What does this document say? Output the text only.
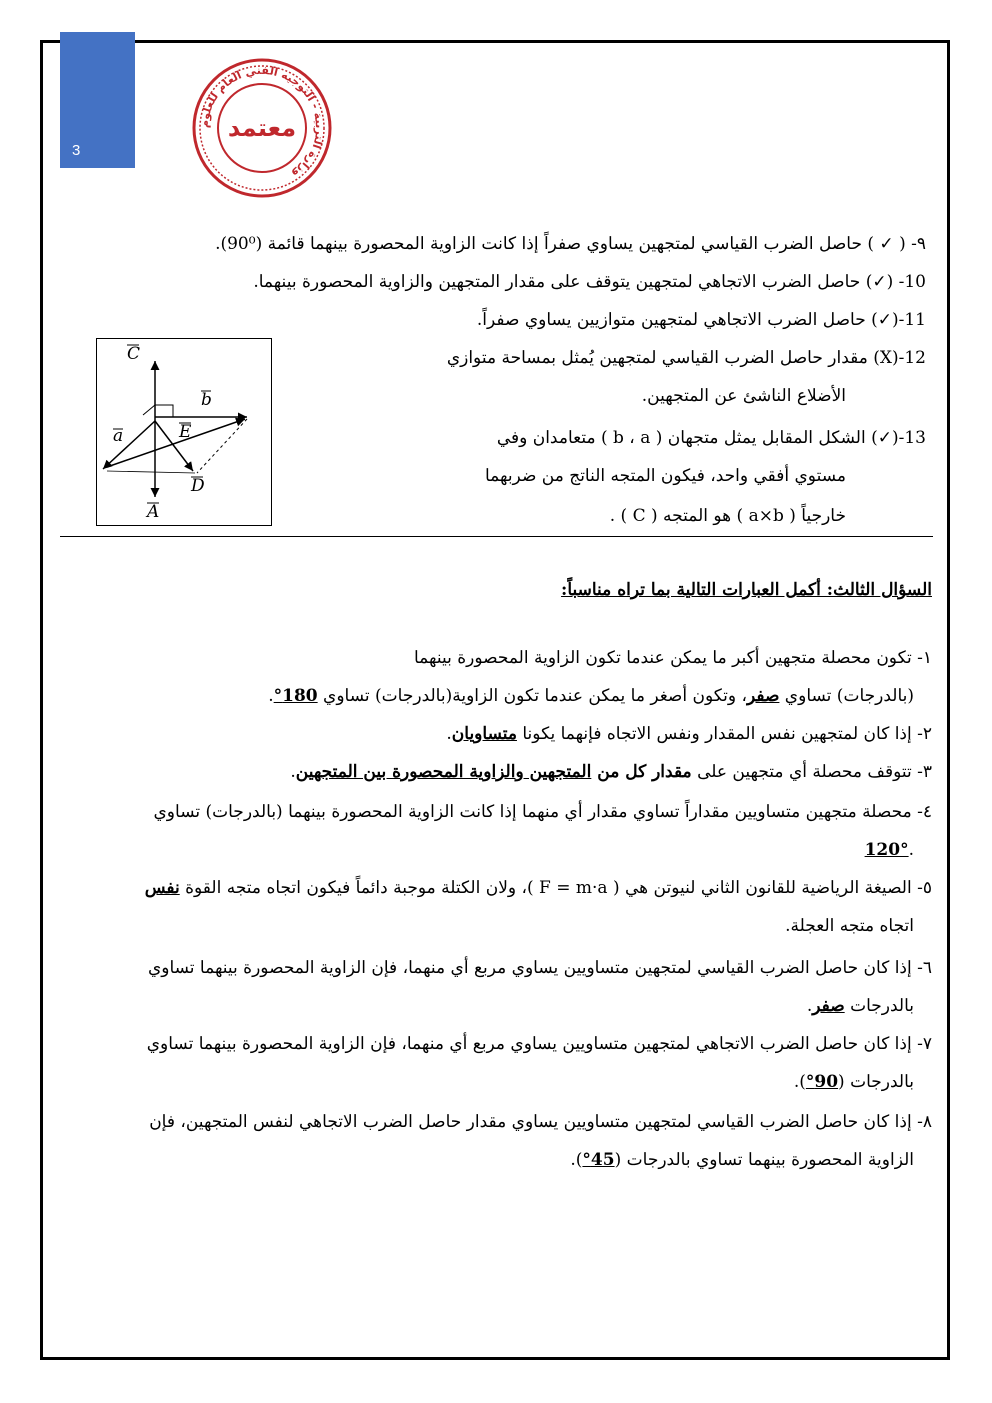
3
وزارة التربية - التوجيه الفني العام للعلوم
معتمد
٩- ( ✓ ) حاصل الضرب القياسي لمتجهين يساوي صفراً إذا كانت الزاوية المحصورة بينهما قائمة (90⁰).
10- (✓) حاصل الضرب الاتجاهي لمتجهين يتوقف على مقدار المتجهين والزاوية المحصورة بينهما.
11-(✓) حاصل الضرب الاتجاهي لمتجهين متوازيين يساوي صفراً.
12-(X) مقدار حاصل الضرب القياسي لمتجهين يُمثل بمساحة متوازي
الأضلاع الناشئ عن المتجهين.
13-(✓) الشكل المقابل يمثل متجهان ( b ، a ) متعامدان وفي
مستوي أفقي واحد، فيكون المتجه الناتج من ضربهما
خارجياً ( a×b ) هو المتجه ( C ) .
C
b
a	E
D
A
السؤال الثالث: أكمل العبارات التالية بما تراه مناسباً:
١- تكون محصلة متجهين أكبر ما يمكن عندما تكون الزاوية المحصورة بينهما
(بالدرجات) تساوي صفر، وتكون أصغر ما يمكن عندما تكون الزاوية(بالدرجات) تساوي 180°.
٢- إذا كان لمتجهين نفس المقدار ونفس الاتجاه فإنهما يكونا متساويان.
٣- تتوقف محصلة أي متجهين على مقدار كل من المتجهين والزاوية المحصورة بين المتجهين.
٤- محصلة متجهين متساويين مقداراً تساوي مقدار أي منهما إذا كانت الزاوية المحصورة بينهما (بالدرجات) تساوي
.120°
٥- الصيغة الرياضية للقانون الثاني لنيوتن هي ( F = m·a )، ولان الكتلة موجبة دائماً فيكون اتجاه متجه القوة نفس
اتجاه متجه العجلة.
٦- إذا كان حاصل الضرب القياسي لمتجهين متساويين يساوي مربع أي منهما، فإن الزاوية المحصورة بينهما تساوي
بالدرجات صفر.
٧- إذا كان حاصل الضرب الاتجاهي لمتجهين متساويين يساوي مربع أي منهما، فإن الزاوية المحصورة بينهما تساوي
بالدرجات (90°).
٨- إذا كان حاصل الضرب القياسي لمتجهين متساويين يساوي مقدار حاصل الضرب الاتجاهي لنفس المتجهين، فإن
الزاوية المحصورة بينهما تساوي بالدرجات (45°).
